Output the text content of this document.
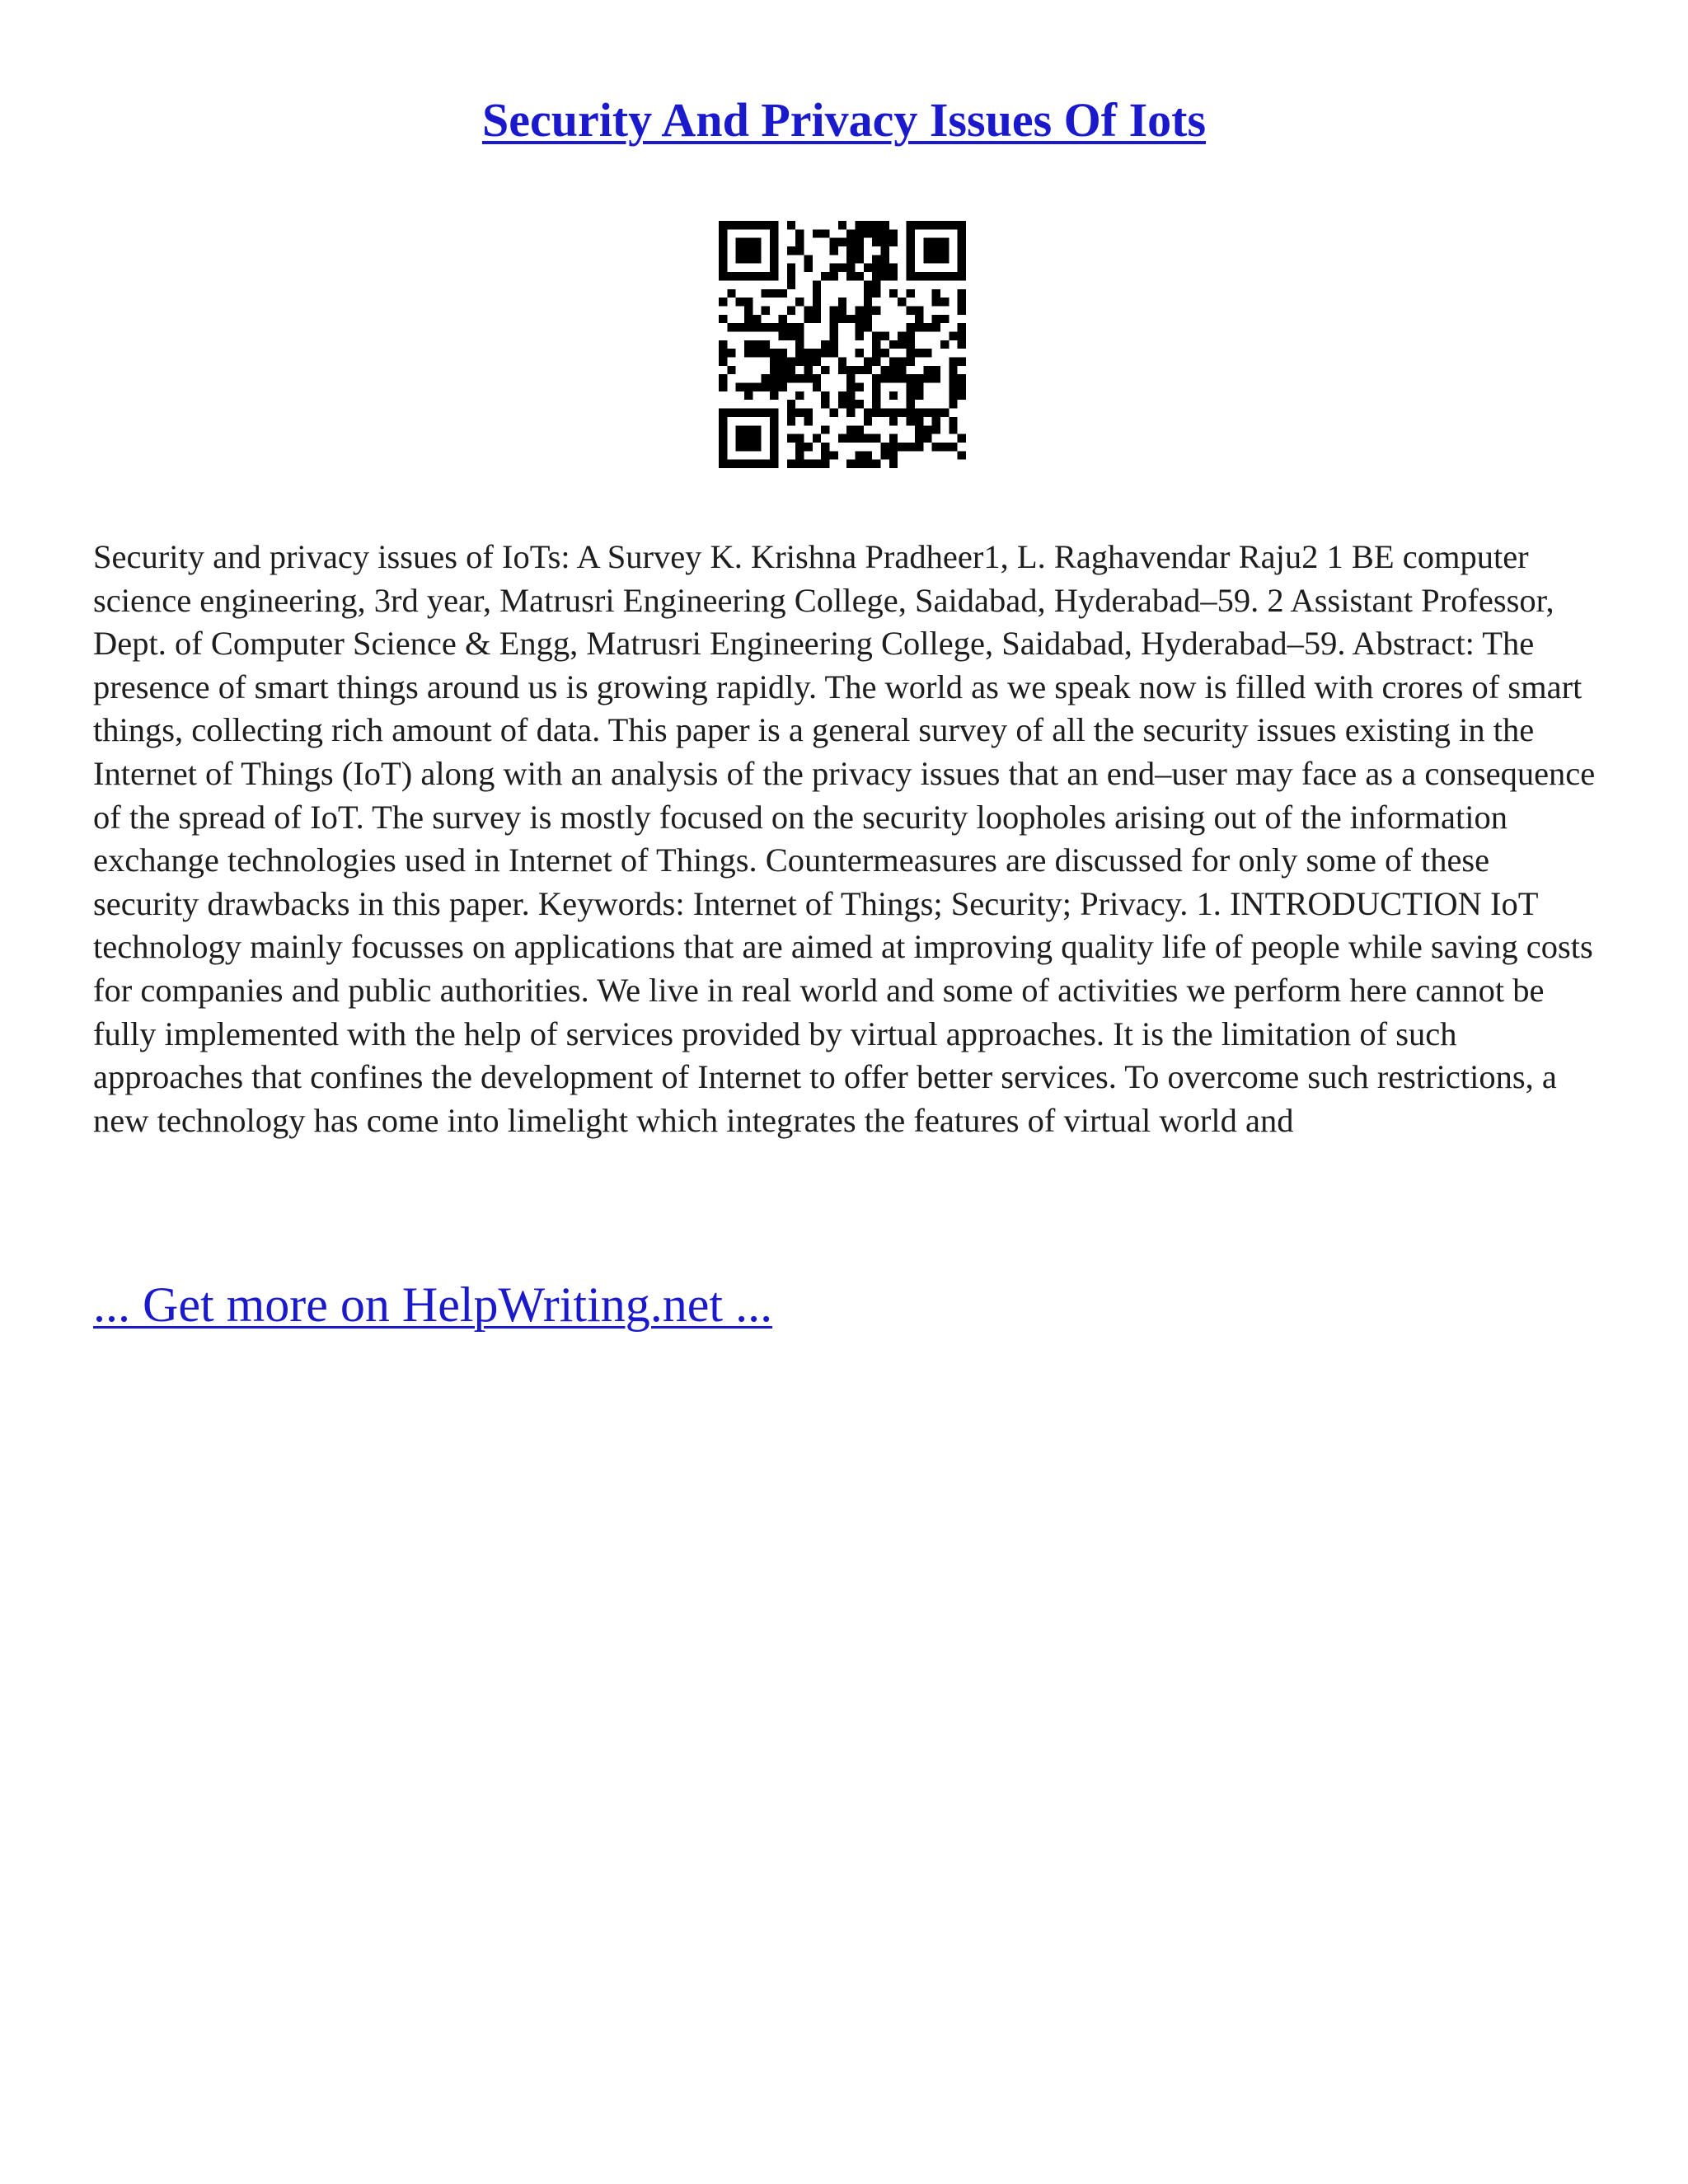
Security And Privacy Issues Of Iots

Security and privacy issues of IoTs: A Survey K. Krishna Pradheer1, L. Raghavendar Raju2 1 BE computer science engineering, 3rd year, Matrusri Engineering College, Saidabad, Hyderabad–59. 2 Assistant Professor, Dept. of Computer Science & Engg, Matrusri Engineering College, Saidabad, Hyderabad–59. Abstract: The presence of smart things around us is growing rapidly. The world as we speak now is filled with crores of smart things, collecting rich amount of data. This paper is a general survey of all the security issues existing in the Internet of Things (IoT) along with an analysis of the privacy issues that an end–user may face as a consequence of the spread of IoT. The survey is mostly focused on the security loopholes arising out of the information exchange technologies used in Internet of Things. Countermeasures are discussed for only some of these security drawbacks in this paper. Keywords: Internet of Things; Security; Privacy. 1. INTRODUCTION IoT technology mainly focusses on applications that are aimed at improving quality life of people while saving costs for companies and public authorities. We live in real world and some of activities we perform here cannot be fully implemented with the help of services provided by virtual approaches. It is the limitation of such approaches that confines the development of Internet to offer better services. To overcome such restrictions, a new technology has come into limelight which integrates the features of virtual world and

... Get more on HelpWriting.net ...
